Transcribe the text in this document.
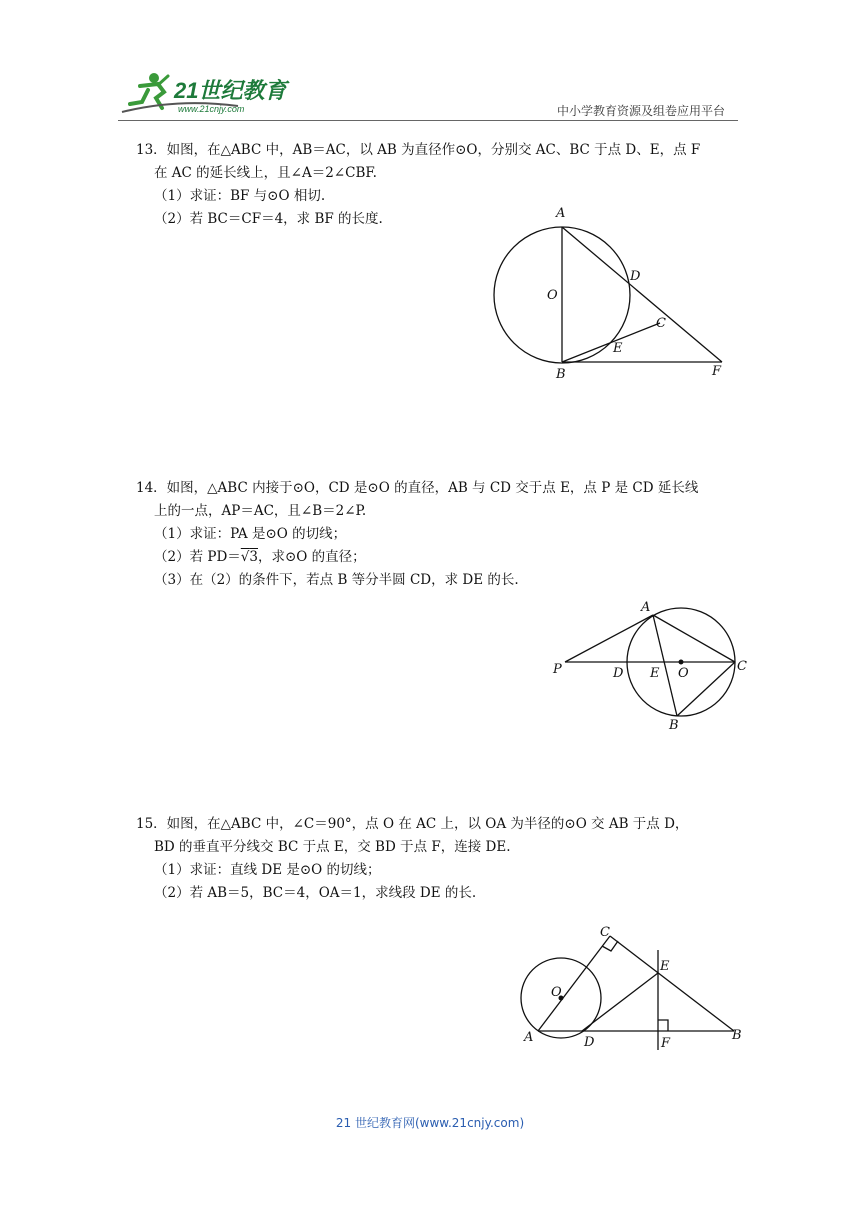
21世纪教育
www.21cnjy.com	中小学教育资源及组卷应用平台

13．如图，在△ABC 中，AB＝AC，以 AB 为直径作⊙O，分别交 AC、BC 于点 D、E，点 F

在 AC 的延长线上，且∠A＝2∠CBF.

（1）求证：BF 与⊙O 相切.

（2）若 BC＝CF＝4，求 BF 的长度.	A
B
C
D
E
F
O

14．如图，△ABC 内接于⊙O，CD 是⊙O 的直径，AB 与 CD 交于点 E，点 P 是 CD 延长线

上的一点，AP＝AC，且∠B＝2∠P.

（1）求证：PA 是⊙O 的切线；

（2）若 PD＝√3，求⊙O 的直径；

（3）在（2）的条件下，若点 B 等分半圆 CD，求 DE 的长.

A
B
C
D E O
P

15．如图，在△ABC 中，∠C＝90°，点 O 在 AC 上，以 OA 为半径的⊙O 交 AB 于点 D，

BD 的垂直平分线交 BC 于点 E，交 BD 于点 F，连接 DE.

（1）求证：直线 DE 是⊙O 的切线；

（2）若 AB＝5，BC＝4，OA＝1，求线段 DE 的长.

A	B
C
D
E
F
O
21 世纪教育网(www.21cnjy.com)
